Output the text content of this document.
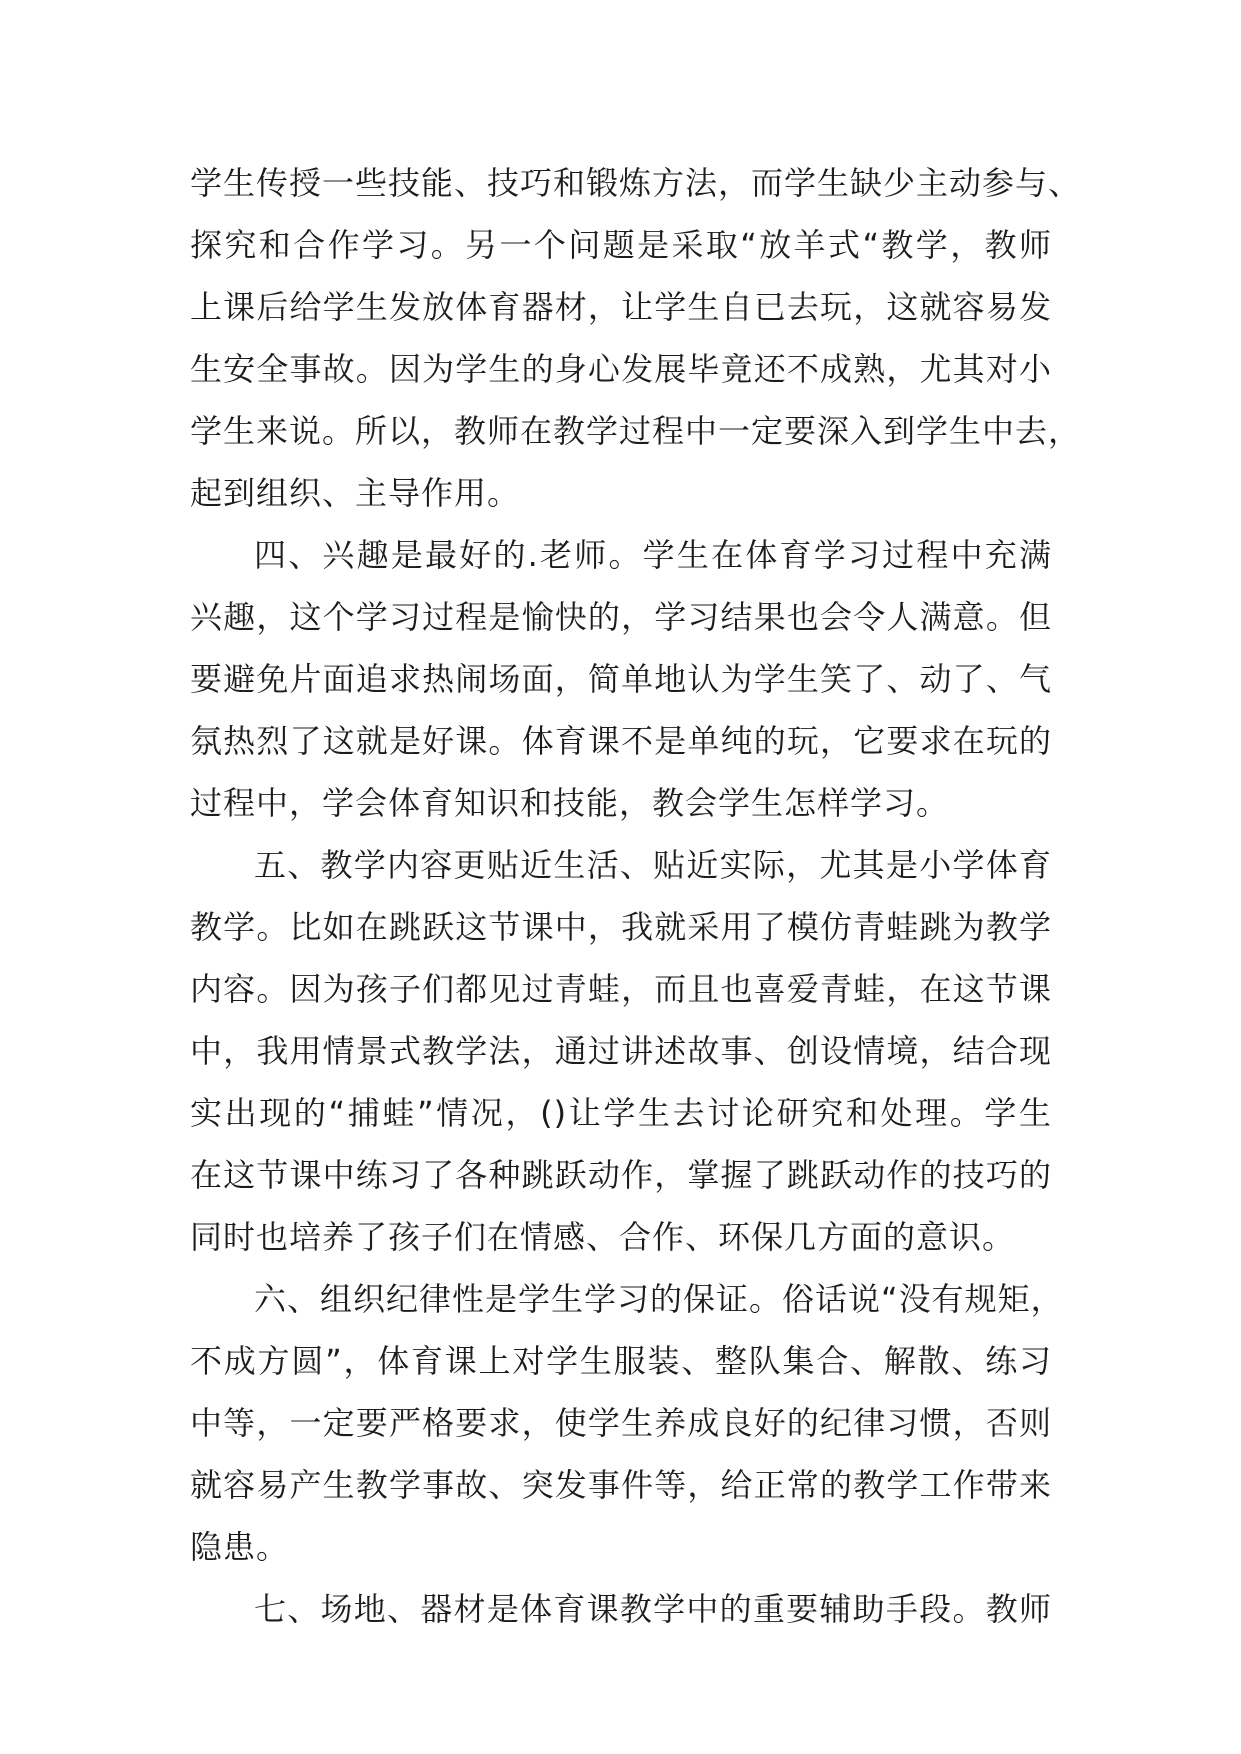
学生传授一些技能、技巧和锻炼方法，而学生缺少主动参与、
探究和合作学习。另一个问题是采取“放羊式“教学，教师
上课后给学生发放体育器材，让学生自已去玩，这就容易发
生安全事故。因为学生的身心发展毕竟还不成熟，尤其对小
学生来说。所以，教师在教学过程中一定要深入到学生中去，
起到组织、主导作用。
四、兴趣是最好的.老师。学生在体育学习过程中充满
兴趣，这个学习过程是愉快的，学习结果也会令人满意。但
要避免片面追求热闹场面，简单地认为学生笑了、动了、气
氛热烈了这就是好课。体育课不是单纯的玩，它要求在玩的
过程中，学会体育知识和技能，教会学生怎样学习。
五、教学内容更贴近生活、贴近实际，尤其是小学体育
教学。比如在跳跃这节课中，我就采用了模仿青蛙跳为教学
内容。因为孩子们都见过青蛙，而且也喜爱青蛙，在这节课
中，我用情景式教学法，通过讲述故事、创设情境，结合现
实出现的“捕蛙”情况，()让学生去讨论研究和处理。学生
在这节课中练习了各种跳跃动作，掌握了跳跃动作的技巧的
同时也培养了孩子们在情感、合作、环保几方面的意识。
六、组织纪律性是学生学习的保证。俗话说“没有规矩，
不成方圆”，体育课上对学生服装、整队集合、解散、练习
中等，一定要严格要求，使学生养成良好的纪律习惯，否则
就容易产生教学事故、突发事件等，给正常的教学工作带来
隐患。
七、场地、器材是体育课教学中的重要辅助手段。教师
